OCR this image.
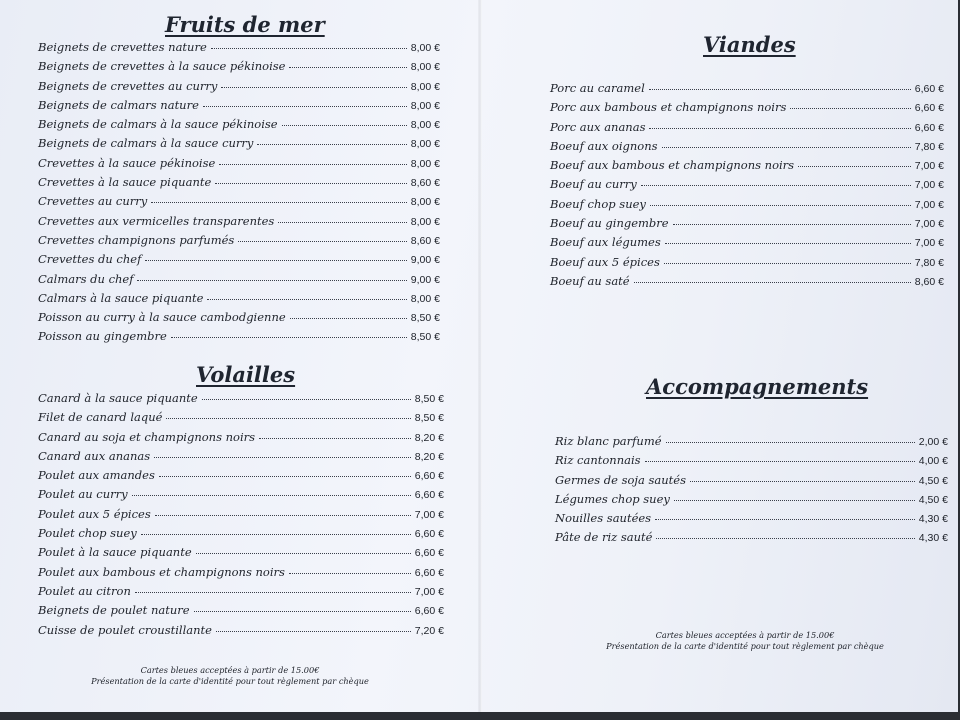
Fruits de mer
Beignets de crevettes nature	8,00 €
Beignets de crevettes à la sauce pékinoise	8,00 €
Beignets de crevettes au curry	8,00 €
Beignets de calmars nature	8,00 €
Beignets de calmars à la sauce pékinoise	8,00 €
Beignets de calmars à la sauce curry	8,00 €
Crevettes à la sauce pékinoise	8,00 €
Crevettes à la sauce piquante	8,60 €
Crevettes au curry	8,00 €
Crevettes aux vermicelles transparentes	8,00 €
Crevettes champignons parfumés	8,60 €
Crevettes du chef	9,00 €
Calmars du chef	9,00 €
Calmars à la sauce piquante	8,00 €
Poisson au curry à la sauce cambodgienne	8,50 €
Poisson au gingembre	8,50 €
Volailles
Canard à la sauce piquante	8,50 €
Filet de canard laqué	8,50 €
Canard au soja et champignons noirs	8,20 €
Canard aux ananas	8,20 €
Poulet aux amandes	6,60 €
Poulet au curry	6,60 €
Poulet aux 5 épices	7,00 €
Poulet chop suey	6,60 €
Poulet à la sauce piquante	6,60 €
Poulet aux bambous et champignons noirs	6,60 €
Poulet au citron	7,00 €
Beignets de poulet nature	6,60 €
Cuisse de poulet croustillante	7,20 €

Cartes bleues acceptées à partir de 15.00€
Présentation de la carte d'identité pour tout règlement par chèque

Viandes
Porc au caramel	6,60 €
Porc aux bambous et champignons noirs	6,60 €
Porc aux ananas	6,60 €
Boeuf aux oignons	7,80 €
Boeuf aux bambous et champignons noirs	7,00 €
Boeuf au curry	7,00 €
Boeuf chop suey	7,00 €
Boeuf au gingembre	7,00 €
Boeuf aux légumes	7,00 €
Boeuf aux 5 épices	7,80 €
Boeuf au saté	8,60 €
Accompagnements
Riz blanc parfumé	2,00 €
Riz cantonnais	4,00 €
Germes de soja sautés	4,50 €
Légumes chop suey	4,50 €
Nouilles sautées	4,30 €
Pâte de riz sauté	4,30 €

Cartes bleues acceptées à partir de 15.00€
Présentation de la carte d'identité pour tout règlement par chèque
